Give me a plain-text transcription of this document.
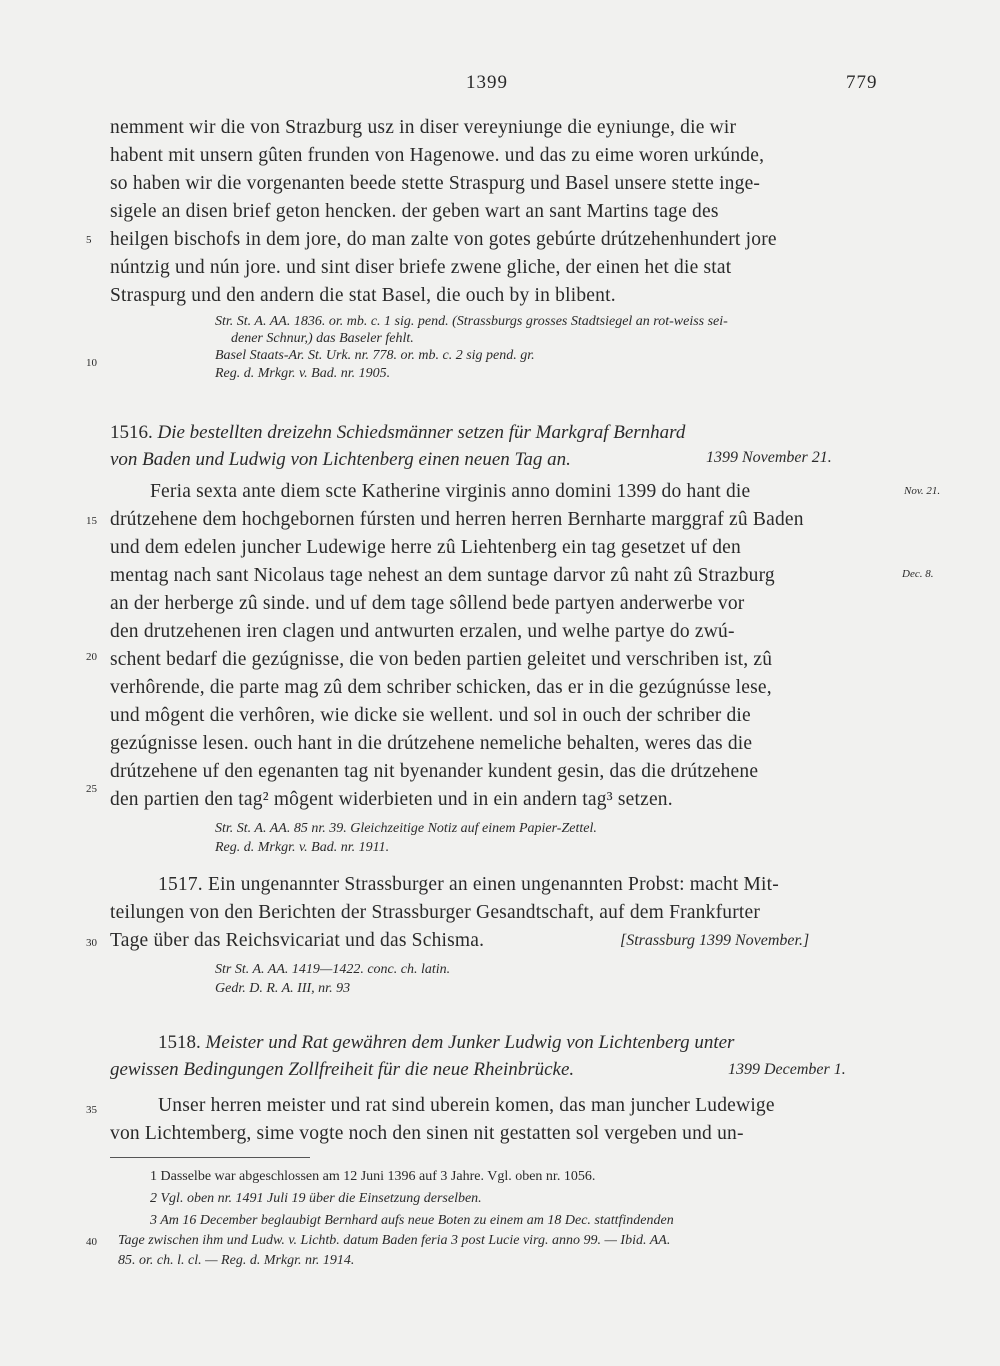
1399	779
nemment wir die von Strazburg usz in diser vereyniunge die eyniunge, die wir
habent mit unsern gûten frunden von Hagenowe. und das zu eime woren urkúnde,
so haben wir die vorgenanten beede stette Straspurg und Basel unsere stette inge-
sigele an disen brief geton hencken. der geben wart an sant Martins tage des
heilgen bischofs in dem jore, do man zalte von gotes gebúrte drútzehenhundert jore
núntzig und nún jore. und sint diser briefe zwene gliche, der einen het die stat
Straspurg und den andern die stat Basel, die ouch by in blibent.
Str. St. A. AA. 1836. or. mb. c. 1 sig. pend. (Strassburgs grosses Stadtsiegel an rot-weiss sei-
dener Schnur,) das Baseler fehlt.
Basel Staats-Ar. St. Urk. nr. 778. or. mb. c. 2 sig pend. gr.
Reg. d. Mrkgr. v. Bad. nr. 1905.
1516. Die bestellten dreizehn Schiedsmänner setzen für Markgraf Bernhard
von Baden und Ludwig von Lichtenberg einen neuen Tag an.	1399 November 21.
Feria sexta ante diem scte Katherine virginis anno domini 1399 do hant die
drútzehene dem hochgebornen fúrsten und herren herren Bernharte marggraf zû Baden
und dem edelen juncher Ludewige herre zû Liehtenberg ein tag gesetzet uf den
mentag nach sant Nicolaus tage nehest an dem suntage darvor zû naht zû Strazburg
an der herberge zû sinde. und uf dem tage sôllend bede partyen anderwerbe vor
den drutzehenen iren clagen und antwurten erzalen, und welhe partye do zwú-
schent bedarf die gezúgnisse, die von beden partien geleitet und verschriben ist, zû
verhôrende, die parte mag zû dem schriber schicken, das er in die gezúgnússe lese,
und môgent die verhôren, wie dicke sie wellent. und sol in ouch der schriber die
gezúgnisse lesen. ouch hant in die drútzehene nemeliche behalten, weres das die
drútzehene uf den egenanten tag nit byenander kundent gesin, das die drútzehene
den partien den tag² môgent widerbieten und in ein andern tag³ setzen.
Str. St. A. AA. 85 nr. 39. Gleichzeitige Notiz auf einem Papier-Zettel.
Reg. d. Mrkgr. v. Bad. nr. 1911.
Nov. 21.
Dec. 8.
1517. Ein ungenannter Strassburger an einen ungenannten Probst: macht Mit-
teilungen von den Berichten der Strassburger Gesandtschaft, auf dem Frankfurter
Tage über das Reichsvicariat und das Schisma.	[Strassburg 1399 November.]
Str St. A. AA. 1419—1422. conc. ch. latin.
Gedr. D. R. A. III, nr. 93
1518. Meister und Rat gewähren dem Junker Ludwig von Lichtenberg unter
gewissen Bedingungen Zollfreiheit für die neue Rheinbrücke.	1399 December 1.
Unser herren meister und rat sind uberein komen, das man juncher Ludewige
von Lichtemberg, sime vogte noch den sinen nit gestatten sol vergeben und un-
1 Dasselbe war abgeschlossen am 12 Juni 1396 auf 3 Jahre. Vgl. oben nr. 1056.
2 Vgl. oben nr. 1491 Juli 19 über die Einsetzung derselben.
3 Am 16 December beglaubigt Bernhard aufs neue Boten zu einem am 18 Dec. stattfindenden
Tage zwischen ihm und Ludw. v. Lichtb. datum Baden feria 3 post Lucie virg. anno 99. — Ibid. AA.
85. or. ch. l. cl. — Reg. d. Mrkgr. nr. 1914.
5
10
15
20
25
30
35
40
